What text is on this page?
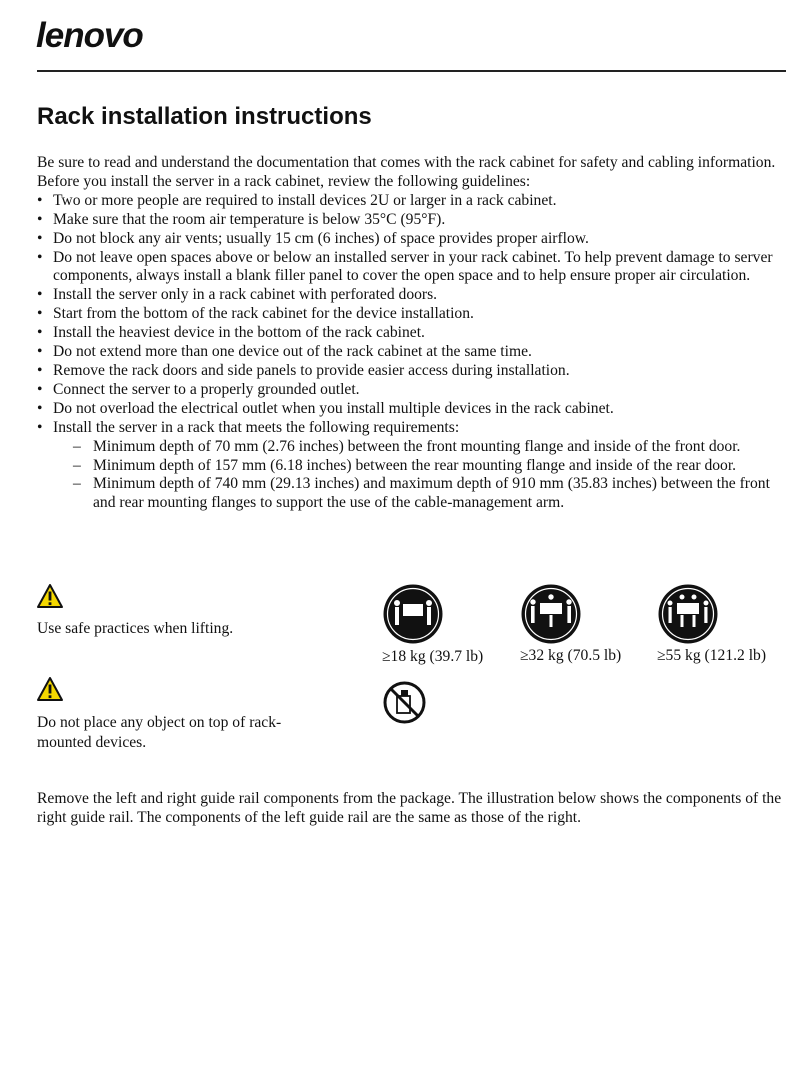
lenovo
Rack installation instructions

Be sure to read and understand the documentation that comes with the rack cabinet for safety and cabling information. Before you install the server in a rack cabinet, review the following guidelines:

• Two or more people are required to install devices 2U or larger in a rack cabinet.
• Make sure that the room air temperature is below 35°C (95°F).
• Do not block any air vents; usually 15 cm (6 inches) of space provides proper airflow.
• Do not leave open spaces above or below an installed server in your rack cabinet. To help prevent damage to server components, always install a blank filler panel to cover the open space and to help ensure proper air circulation.
• Install the server only in a rack cabinet with perforated doors.
• Start from the bottom of the rack cabinet for the device installation.
• Install the heaviest device in the bottom of the rack cabinet.
• Do not extend more than one device out of the rack cabinet at the same time.
• Remove the rack doors and side panels to provide easier access during installation.
• Connect the server to a properly grounded outlet.
• Do not overload the electrical outlet when you install multiple devices in the rack cabinet.
• Install the server in a rack that meets the following requirements:
– Minimum depth of 70 mm (2.76 inches) between the front mounting flange and inside of the front door.
– Minimum depth of 157 mm (6.18 inches) between the rear mounting flange and inside of the rear door.
– Minimum depth of 740 mm (29.13 inches) and maximum depth of 910 mm (35.83 inches) between the front and rear mounting flanges to support the use of the cable-management arm.
Use safe practices when lifting.
≥18 kg (39.7 lb) ≥32 kg (70.5 lb) ≥55 kg (121.2 lb)
Do not place any object on top of rack-mounted devices.

Remove the left and right guide rail components from the package. The illustration below shows the components of the right guide rail. The components of the left guide rail are the same as those of the right.
